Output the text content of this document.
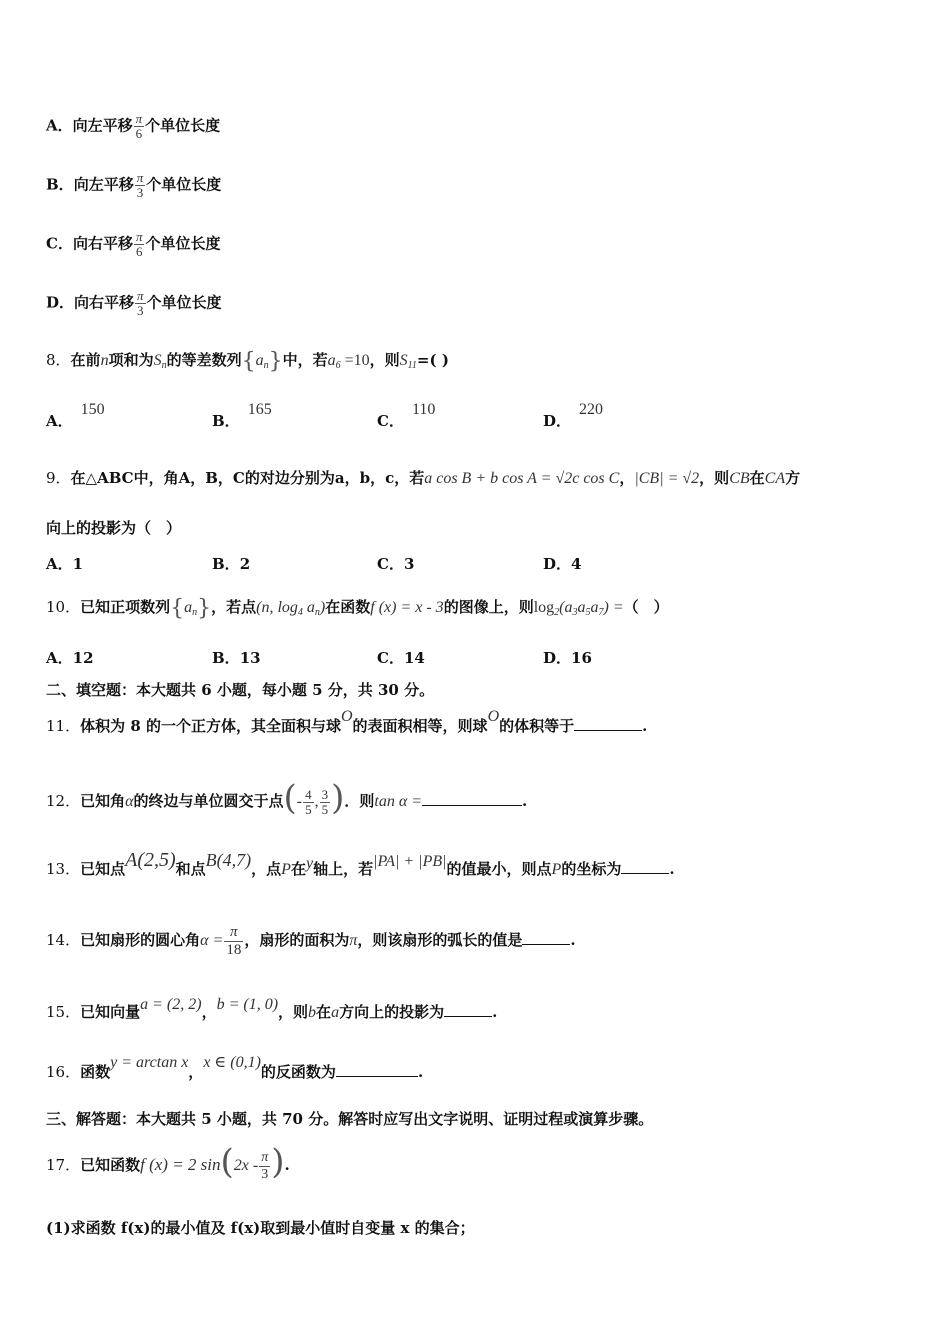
A．向左平移 $\frac{\pi}{6}$ 个单位长度
B．向左平移 $\frac{\pi}{3}$ 个单位长度
C．向右平移 $\frac{\pi}{6}$ 个单位长度
D．向右平移 $\frac{\pi}{3}$ 个单位长度
8．在前n项和为$S_n$的等差数列$\{a_n\}$中，若$a_6 =10$，则$S_{11}=$( )
A．150
B．165
C．110
D．220
9．在△ABC中，角A，B，C的对边分别为a，b，c，若a cos B + b cos A = √2c cos C，|CB| = √2，则CB在CA方
向上的投影为（　）
A．1	B．2	C．3	D．4
10．已知正项数列$\{a_n\}$，若点(n, $\log_4 a_n$)在函数f (x) = x - 3的图像上，则$\log_2(a_3a_5a_7)$ =（　）
A．12	B．13	C．14	D．16
二、填空题：本大题共 6 小题，每小题 5 分，共 30 分。
11．体积为 8 的一个正方体，其全面积与球O的表面积相等，则球O的体积等于	.
12．已知角α的终边与单位圆交于点(- $\frac{4}{5}$ , $\frac{3}{5}$ )．则tan α =	.
13．已知点A(2,5)和点B(4,7)，点P在y轴上，若|PA| + |PB|的值最小，则点P的坐标为	.
14．已知扇形的圆心角$\alpha = \frac{\pi}{18}$ ，扇形的面积为π，则该扇形的弧长的值是	.
15．已知向量a = (2, 2)，b = (1, 0)，则b在a方向上的投影为	.
16．函数y = arctan x，x ∈ (0,1)的反函数为	.
三、解答题：本大题共 5 小题，共 70 分。解答时应写出文字说明、证明过程或演算步骤。
17．已知函数f (x) = 2 $\sin(2x - \frac{\pi}{3}$ ).
(1)求函数 f(x)的最小值及 f(x)取到最小值时自变量 x 的集合；
